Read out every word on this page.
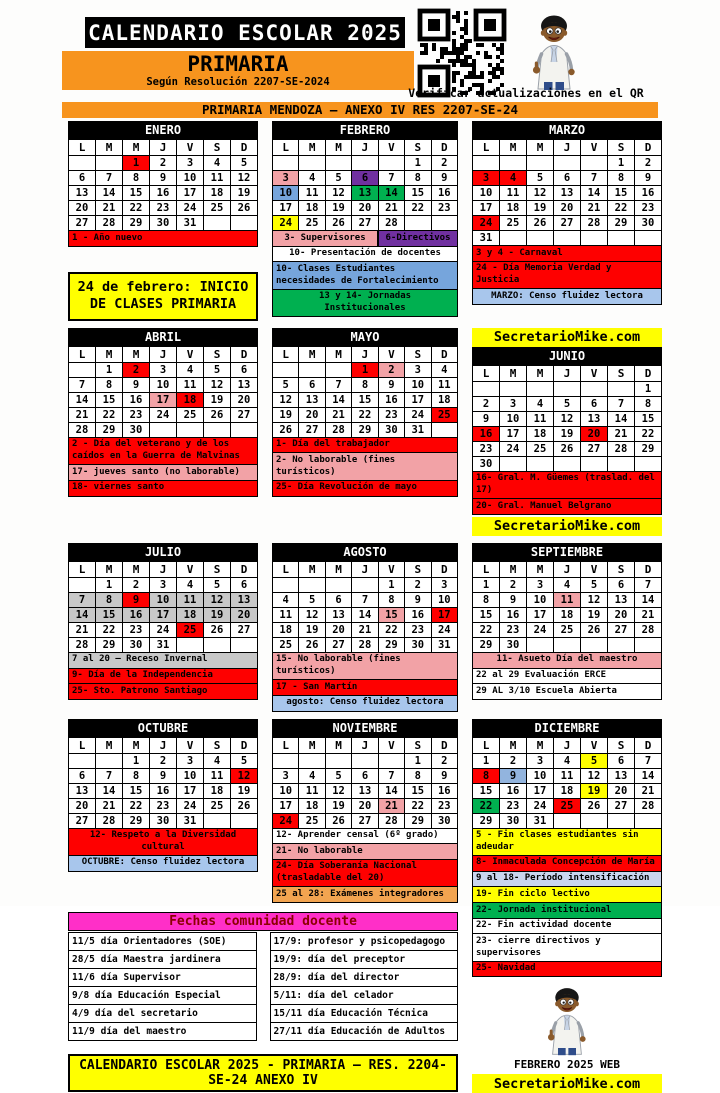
CALENDARIO ESCOLAR 2025
PRIMARIA
Según Resolución 2207-SE-2024
Verificar actualizaciones en el QR
PRIMARIA MENDOZA – ANEXO IV RES 2207-SE-24
ENERO
L	M	M	J	V	S	D
		1	2	3	4	5
6	7	8	9	10	11	12
13	14	15	16	17	18	19
20	21	22	23	24	25	26
27	28	29	30	31		
1 - Año nuevo
24 de febrero: INICIO DE CLASES PRIMARIA
FEBRERO
L	M	M	J	V	S	D
					1	2
3	4	5	6	7	8	9
10	11	12	13	14	15	16
17	18	19	20	21	22	23
24	25	26	27	28		
3- Supervisores	6-Directivos
10- Presentación de docentes
10- Clases Estudiantes necesidades de Fortalecimiento
13 y 14- Jornadas Institucionales
MARZO
L	M	M	J	V	S	D
					1	2
3	4	5	6	7	8	9
10	11	12	13	14	15	16
17	18	19	20	21	22	23
24	25	26	27	28	29	30
31						
3 y 4 - Carnaval
24 - Día Memoria Verdad y Justicia
MARZO: Censo fluidez lectora
ABRIL
L	M	M	J	V	S	D
	1	2	3	4	5	6
7	8	9	10	11	12	13
14	15	16	17	18	19	20
21	22	23	24	25	26	27
28	29	30				
2 - Día del veterano y de los caídos en la Guerra de Malvinas
17- jueves santo (no laborable)
18- viernes santo
MAYO
L	M	M	J	V	S	D
			1	2	3	4
5	6	7	8	9	10	11
12	13	14	15	16	17	18
19	20	21	22	23	24	25
26	27	28	29	30	31	
1- Día del trabajador
2- No laborable (fines turísticos)
25- Día Revolución de mayo
SecretarioMike.com
JUNIO
L	M	M	J	V	S	D
						1
2	3	4	5	6	7	8
9	10	11	12	13	14	15
16	17	18	19	20	21	22
23	24	25	26	27	28	29
30						
16- Gral. M. Güemes (traslad. del 17)
20- Gral. Manuel Belgrano
SecretarioMike.com
JULIO
L	M	M	J	V	S	D
	1	2	3	4	5	6
7	8	9	10	11	12	13
14	15	16	17	18	19	20
21	22	23	24	25	26	27
28	29	30	31			
7 al 20 – Receso Invernal
9- Día de la Independencia
25- Sto. Patrono Santiago
AGOSTO
L	M	M	J	V	S	D
				1	2	3
4	5	6	7	8	9	10
11	12	13	14	15	16	17
18	19	20	21	22	23	24
25	26	27	28	29	30	31
15- No laborable (fines turísticos)
17 - San Martín
agosto: Censo fluidez lectora
SEPTIEMBRE
L	M	M	J	V	S	D
1	2	3	4	5	6	7
8	9	10	11	12	13	14
15	16	17	18	19	20	21
22	23	24	25	26	27	28
29	30					
11- Asueto Día del maestro
22 al 29 Evaluación ERCE
29 AL 3/10 Escuela Abierta
OCTUBRE
L	M	M	J	V	S	D
		1	2	3	4	5
6	7	8	9	10	11	12
13	14	15	16	17	18	19
20	21	22	23	24	25	26
27	28	29	30	31		
12- Respeto a la Diversidad cultural
OCTUBRE: Censo fluidez lectora
NOVIEMBRE
L	M	M	J	V	S	D
					1	2
3	4	5	6	7	8	9
10	11	12	13	14	15	16
17	18	19	20	21	22	23
24	25	26	27	28	29	30
12- Aprender censal (6º grado)
21- No laborable
24- Día Soberanía Nacional (trasladable del 20)
25 al 28: Exámenes integradores
Fechas comunidad docente
11/5 día Orientadores (SOE)
28/5 día Maestra jardinera
11/6 día Supervisor
9/8 día Educación Especial
4/9 día del secretario
11/9 día del maestro
17/9: profesor y psicopedagogo
19/9: día del preceptor
28/9: día del director
5/11: día del celador
15/11 día Educación Técnica
27/11 día Educación de Adultos
CALENDARIO ESCOLAR 2025 - PRIMARIA – RES. 2204-SE-24 ANEXO IV
DICIEMBRE
L	M	M	J	V	S	D
1	2	3	4	5	6	7
8	9	10	11	12	13	14
15	16	17	18	19	20	21
22	23	24	25	26	27	28
29	30	31				
5 - Fin clases estudiantes sin adeudar
8- Inmaculada Concepción de María
9 al 18- Período intensificación
19- Fin ciclo lectivo
22- Jornada institucional
22- Fin actividad docente
23- cierre directivos y supervisores
25- Navidad
FEBRERO 2025 WEB
SecretarioMike.com
